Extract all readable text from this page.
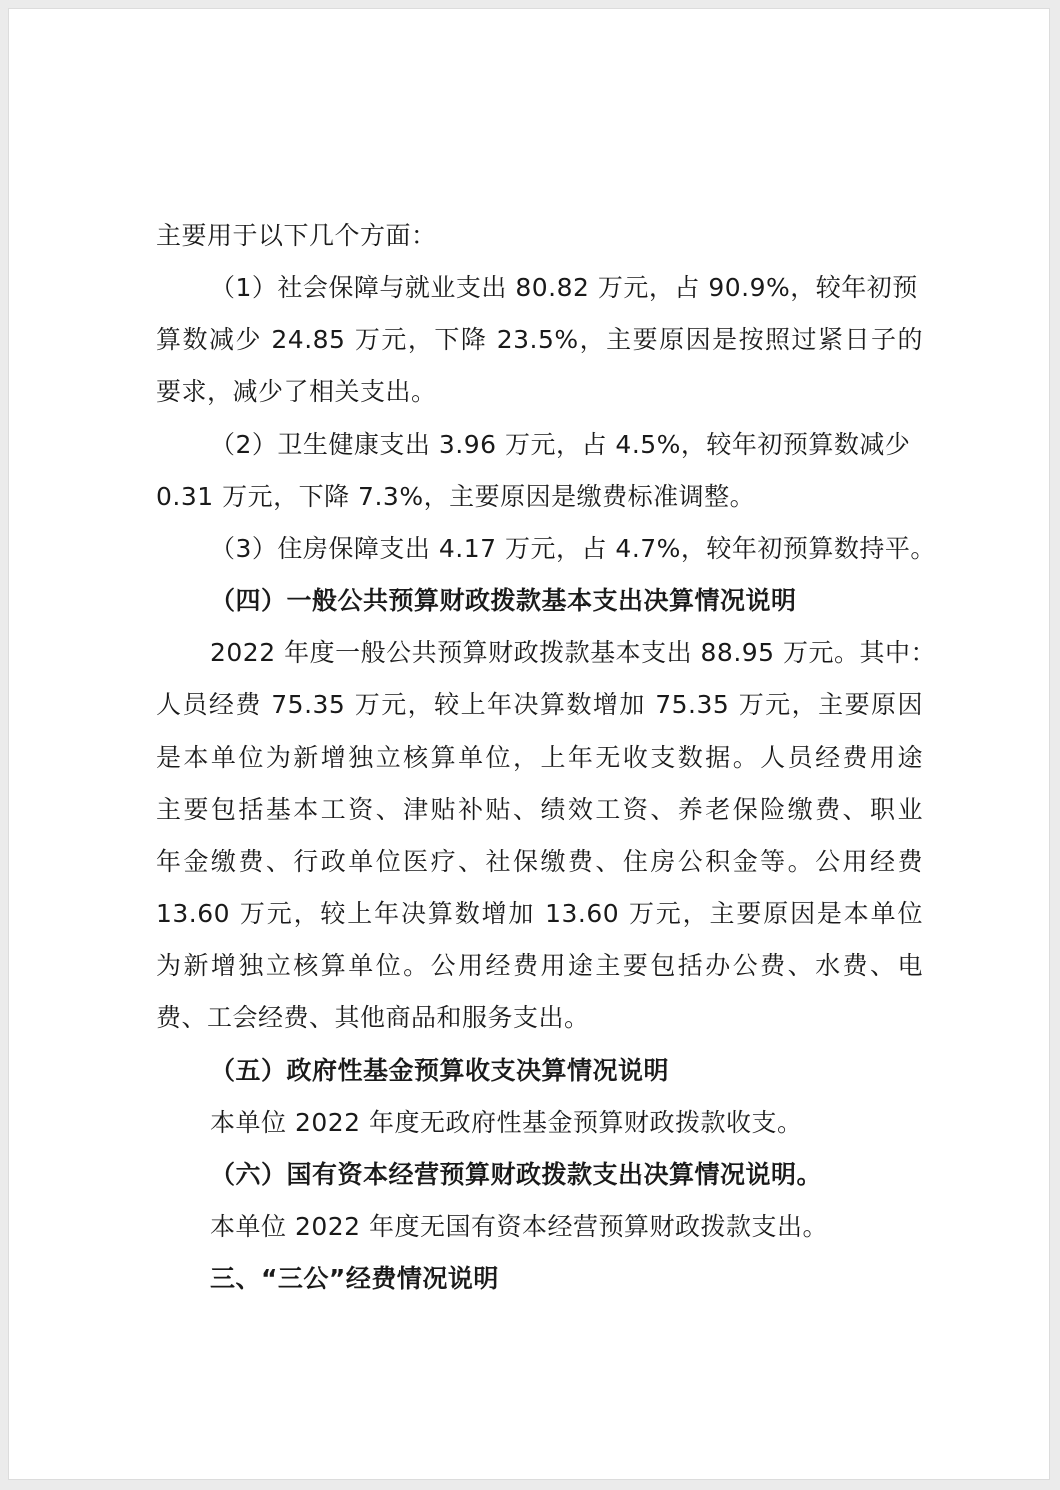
主要用于以下几个方面：
（1）社会保障与就业支出 80.82 万元，占 90.9%，较年初预
算数减少 24.85 万元，下降 23.5%，主要原因是按照过紧日子的
要求，减少了相关支出。
（2）卫生健康支出 3.96 万元，占 4.5%，较年初预算数减少
0.31 万元，下降 7.3%，主要原因是缴费标准调整。
（3）住房保障支出 4.17 万元，占 4.7%，较年初预算数持平。
（四）一般公共预算财政拨款基本支出决算情况说明
2022 年度一般公共预算财政拨款基本支出 88.95 万元。其中：
人员经费 75.35 万元，较上年决算数增加 75.35 万元，主要原因
是本单位为新增独立核算单位，上年无收支数据。人员经费用途
主要包括基本工资、津贴补贴、绩效工资、养老保险缴费、职业
年金缴费、行政单位医疗、社保缴费、住房公积金等。公用经费
13.60 万元，较上年决算数增加 13.60 万元，主要原因是本单位
为新增独立核算单位。公用经费用途主要包括办公费、水费、电
费、工会经费、其他商品和服务支出。
（五）政府性基金预算收支决算情况说明
本单位 2022 年度无政府性基金预算财政拨款收支。
（六）国有资本经营预算财政拨款支出决算情况说明。
本单位 2022 年度无国有资本经营预算财政拨款支出。
三、“三公”经费情况说明
